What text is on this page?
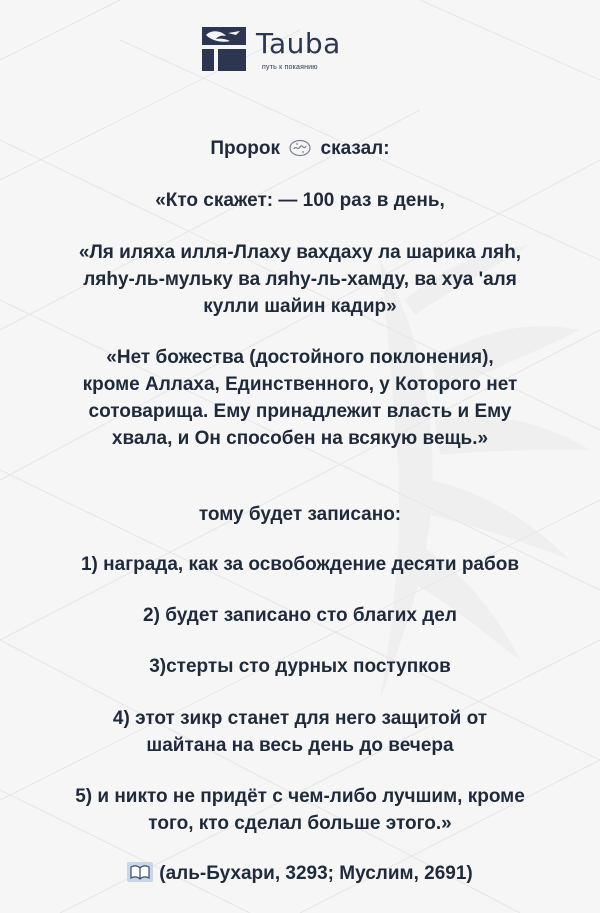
Tauba
путь к покаянию
Пророк сказал:
«Кто скажет: — 100 раз в день,
«Ля иляха илля-Ллаху вахдаху ла шарика ляһ,
ляһу-ль-мульку ва ляһу-ль-хамду, ва хуа 'аля
кулли шайин кадир»
«Нет божества (достойного поклонения),
кроме Аллаха, Единственного, у Которого нет
сотоварища. Ему принадлежит власть и Ему
хвала, и Он способен на всякую вещь.»
тому будет записано:
1) награда, как за освобождение десяти рабов
2) будет записано сто благих дел
3)стерты сто дурных поступков
4) этот зикр станет для него защитой от
шайтана на весь день до вечера
5) и никто не придёт с чем-либо лучшим, кроме
того, кто сделал больше этого.»
(аль-Бухари, 3293; Муслим, 2691)
